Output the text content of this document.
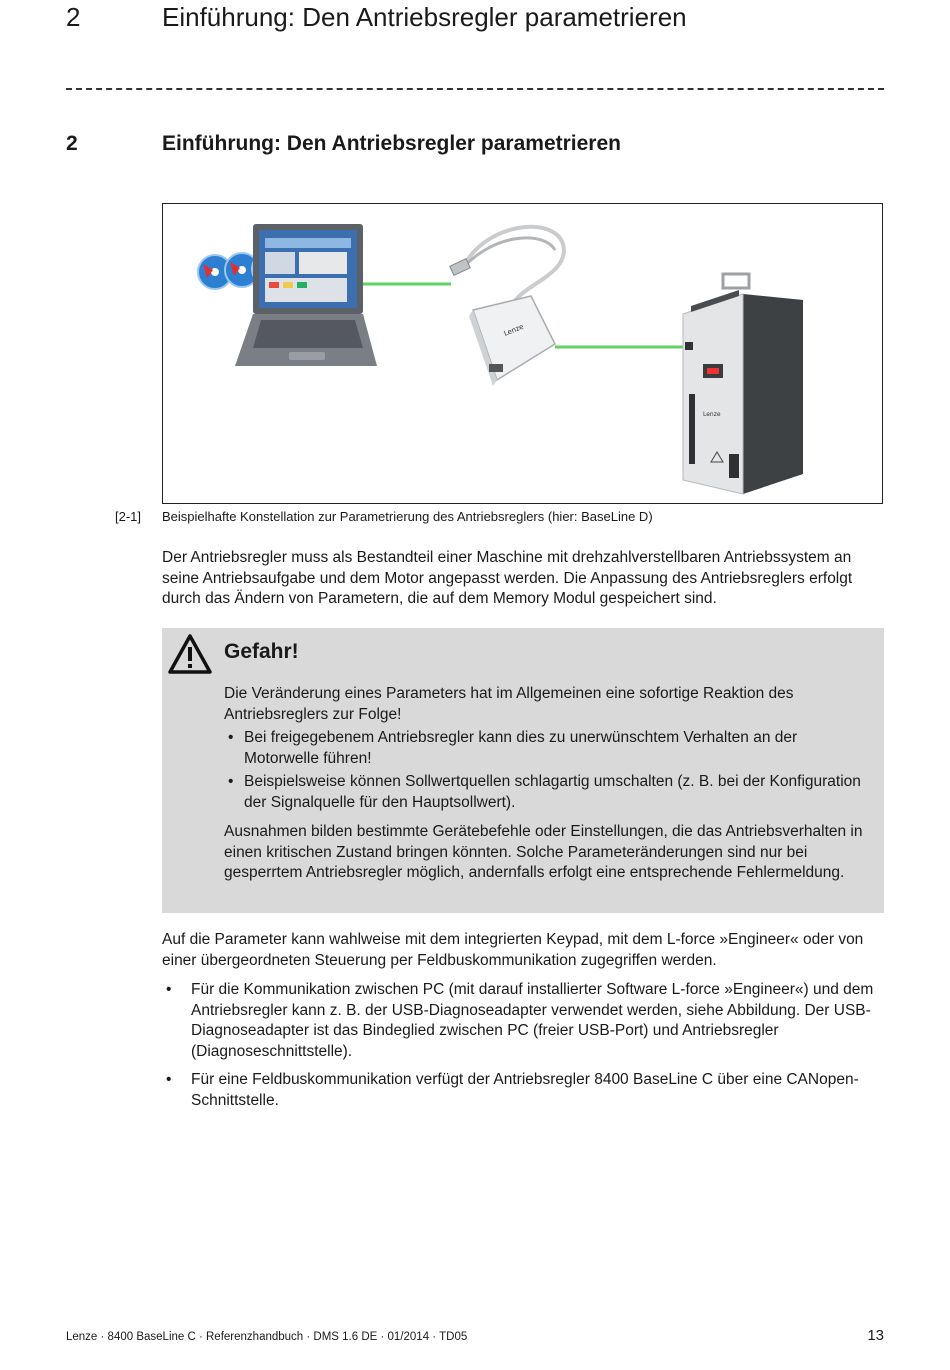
2	Einführung: Den Antriebsregler parametrieren
2	Einführung: Den Antriebsregler parametrieren
Lenze
Lenze
[2-1] Beispielhafte Konstellation zur Parametrierung des Antriebsreglers (hier: BaseLine D)

Der Antriebsregler muss als Bestandteil einer Maschine mit drehzahlverstellbaren Antriebssystem an seine Antriebsaufgabe und dem Motor angepasst werden. Die Anpassung des Antriebsreglers erfolgt durch das Ändern von Parametern, die auf dem Memory Modul gespeichert sind.

Gefahr!
Die Veränderung eines Parameters hat im Allgemeinen eine sofortige Reaktion des Antriebsreglers zur Folge!
• Bei freigegebenem Antriebsregler kann dies zu unerwünschtem Verhalten an der Motorwelle führen!
• Beispielsweise können Sollwertquellen schlagartig umschalten (z. B. bei der Konfiguration der Signalquelle für den Hauptsollwert).
Ausnahmen bilden bestimmte Gerätebefehle oder Einstellungen, die das Antriebsverhalten in einen kritischen Zustand bringen könnten. Solche Parameteränderungen sind nur bei gesperrtem Antriebsregler möglich, andernfalls erfolgt eine entsprechende Fehlermeldung.

Auf die Parameter kann wahlweise mit dem integrierten Keypad, mit dem L-force »Engineer« oder von einer übergeordneten Steuerung per Feldbuskommunikation zugegriffen werden.

• Für die Kommunikation zwischen PC (mit darauf installierter Software L-force »Engineer«) und dem Antriebsregler kann z. B. der USB-Diagnoseadapter verwendet werden, siehe Abbildung. Der USB-Diagnoseadapter ist das Bindeglied zwischen PC (freier USB-Port) und Antriebsregler (Diagnoseschnittstelle).
• Für eine Feldbuskommunikation verfügt der Antriebsregler 8400 BaseLine C über eine CANopen-Schnittstelle.
Lenze · 8400 BaseLine C · Referenzhandbuch · DMS 1.6 DE · 01/2014 · TD05	13
